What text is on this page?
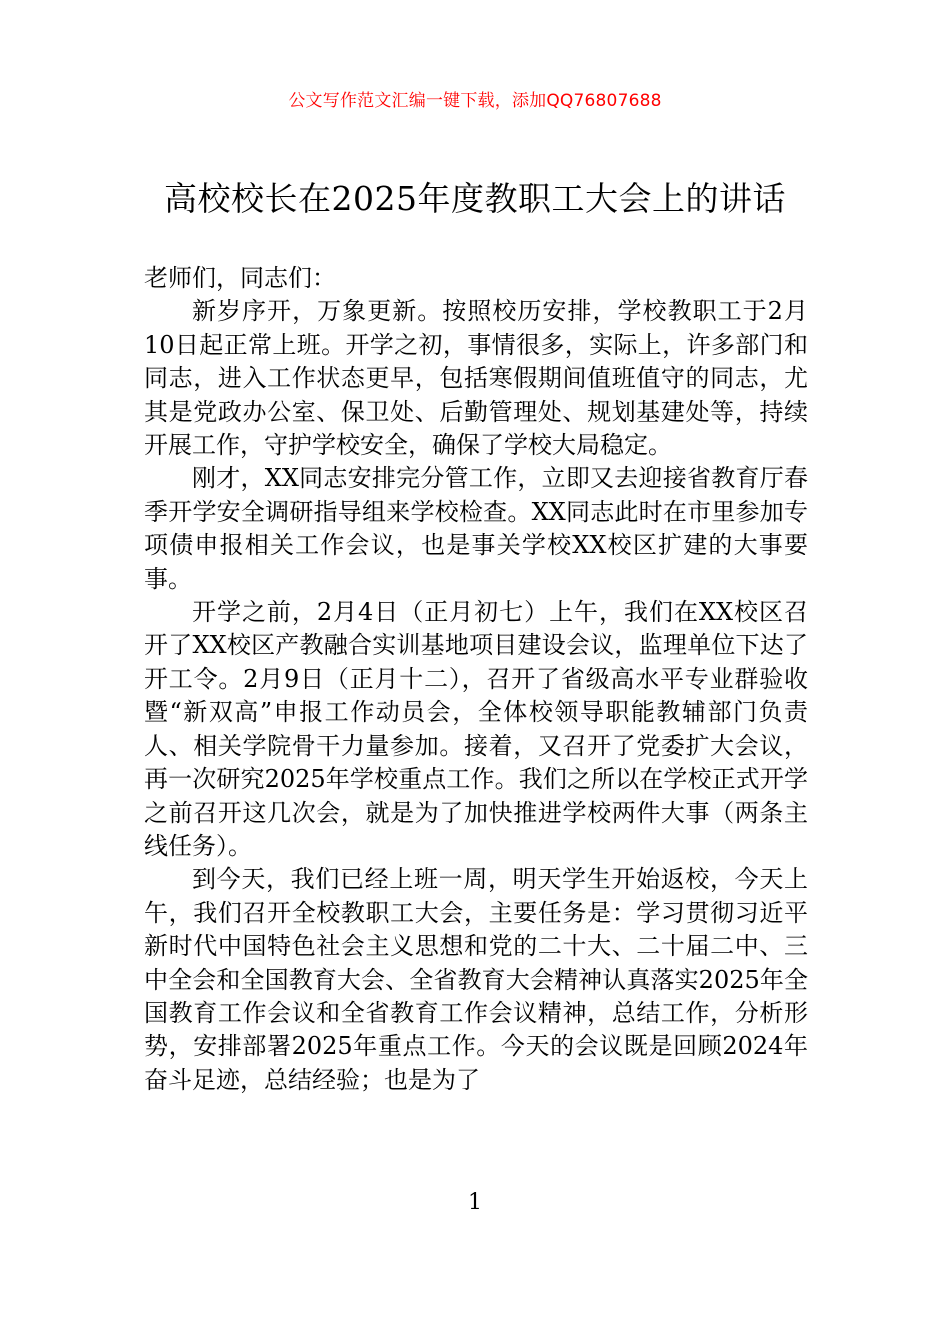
公文写作范文汇编一键下载，添加QQ76807688
高校校长在2025年度教职工大会上的讲话

老师们，同志们：

新岁序开，万象更新。按照校历安排，学校教职工于2月10日起正常上班。开学之初，事情很多，实际上，许多部门和同志，进入工作状态更早，包括寒假期间值班值守的同志，尤其是党政办公室、保卫处、后勤管理处、规划基建处等，持续开展工作，守护学校安全，确保了学校大局稳定。

刚才，XX同志安排完分管工作，立即又去迎接省教育厅春季开学安全调研指导组来学校检查。XX同志此时在市里参加专项债申报相关工作会议，也是事关学校XX校区扩建的大事要事。

开学之前，2月4日（正月初七）上午，我们在XX校区召开了XX校区产教融合实训基地项目建设会议，监理单位下达了开工令。2月9日（正月十二），召开了省级高水平专业群验收暨“新双高”申报工作动员会，全体校领导职能教辅部门负责人、相关学院骨干力量参加。接着，又召开了党委扩大会议，再一次研究2025年学校重点工作。我们之所以在学校正式开学之前召开这几次会，就是为了加快推进学校两件大事（两条主线任务）。

到今天，我们已经上班一周，明天学生开始返校，今天上午，我们召开全校教职工大会，主要任务是：学习贯彻习近平新时代中国特色社会主义思想和党的二十大、二十届二中、三中全会和全国教育大会、全省教育大会精神认真落实2025年全国教育工作会议和全省教育工作会议精神，总结工作，分析形势，安排部署2025年重点工作。今天的会议既是回顾2024年奋斗足迹，总结经验；也是为了

1
